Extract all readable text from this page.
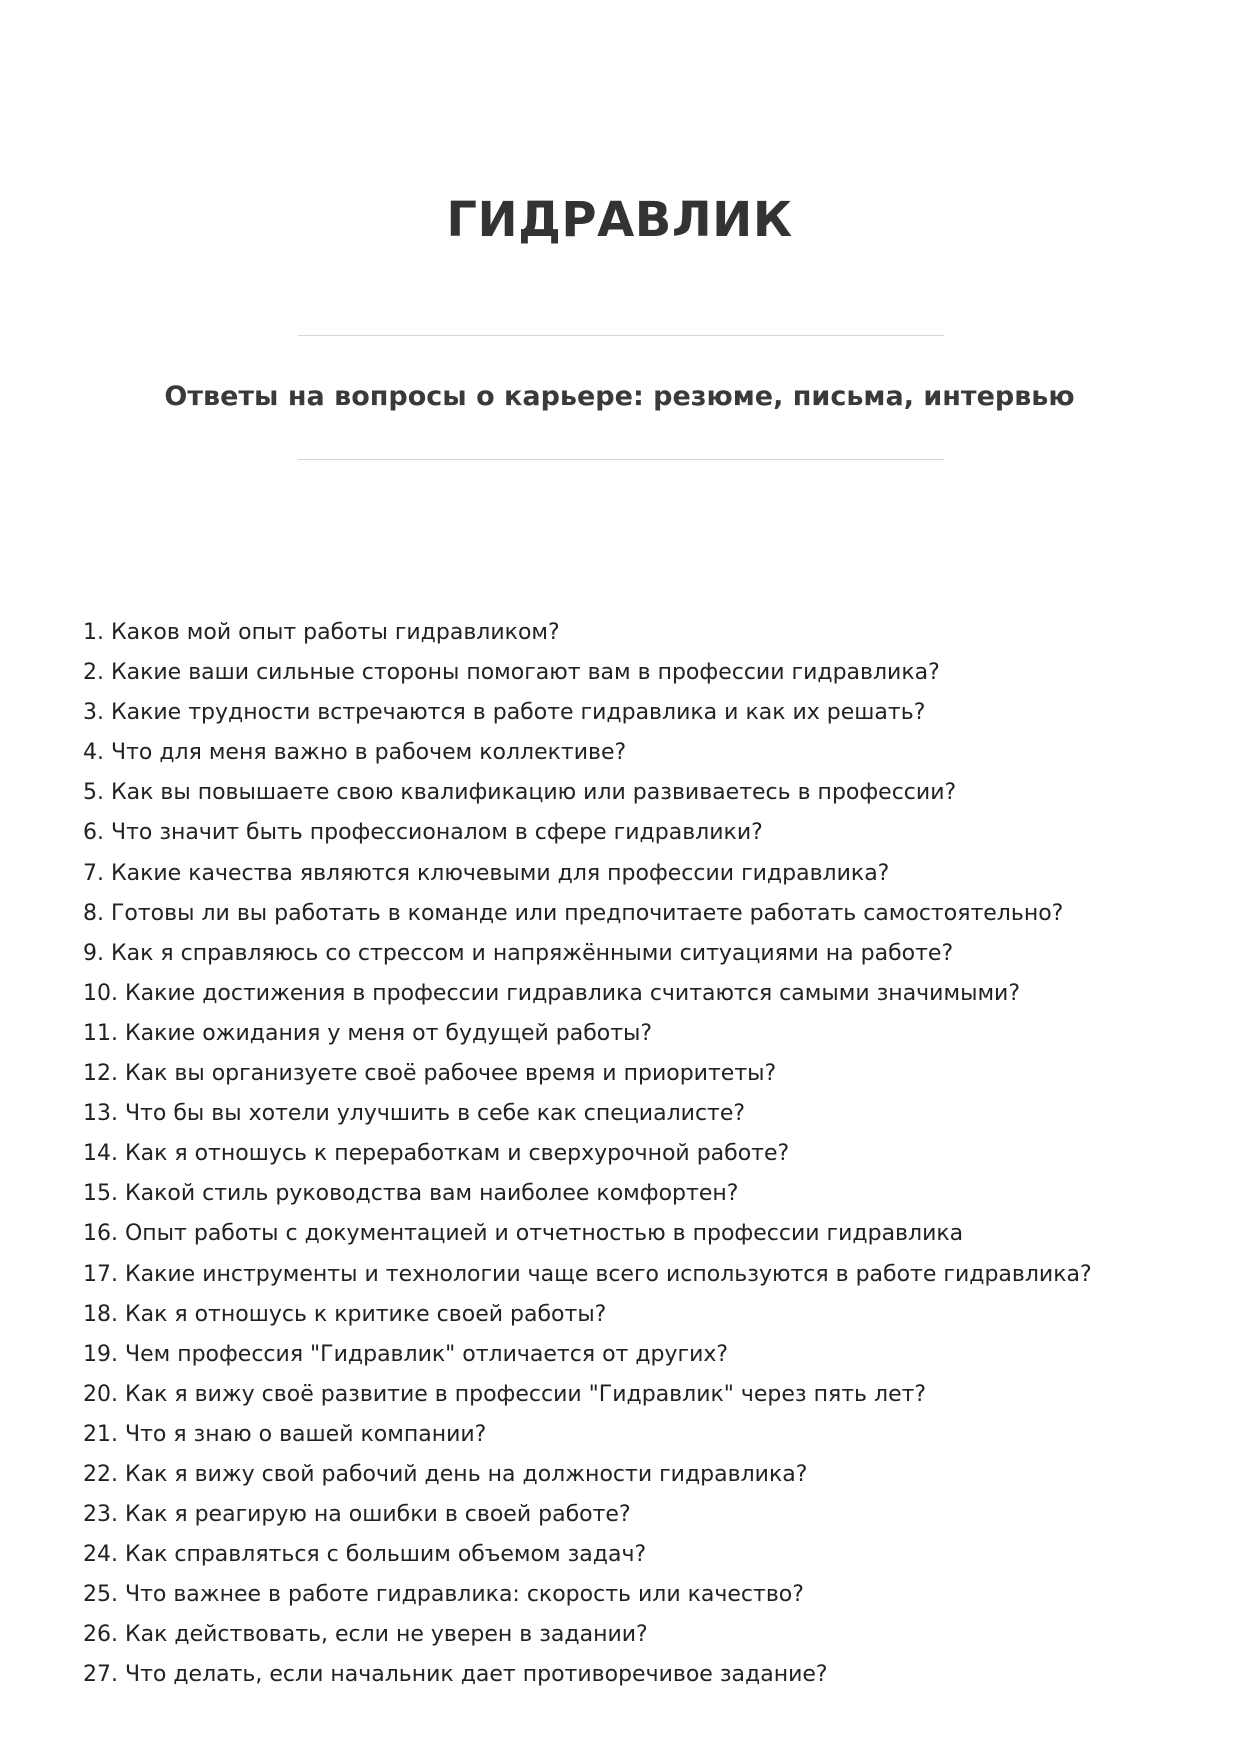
ГИДРАВЛИК
Ответы на вопросы о карьере: резюме, письма, интервью
1. Каков мой опыт работы гидравликом?
2. Какие ваши сильные стороны помогают вам в профессии гидравлика?
3. Какие трудности встречаются в работе гидравлика и как их решать?
4. Что для меня важно в рабочем коллективе?
5. Как вы повышаете свою квалификацию или развиваетесь в профессии?
6. Что значит быть профессионалом в сфере гидравлики?
7. Какие качества являются ключевыми для профессии гидравлика?
8. Готовы ли вы работать в команде или предпочитаете работать самостоятельно?
9. Как я справляюсь со стрессом и напряжёнными ситуациями на работе?
10. Какие достижения в профессии гидравлика считаются самыми значимыми?
11. Какие ожидания у меня от будущей работы?
12. Как вы организуете своё рабочее время и приоритеты?
13. Что бы вы хотели улучшить в себе как специалисте?
14. Как я отношусь к переработкам и сверхурочной работе?
15. Какой стиль руководства вам наиболее комфортен?
16. Опыт работы с документацией и отчетностью в профессии гидравлика
17. Какие инструменты и технологии чаще всего используются в работе гидравлика?
18. Как я отношусь к критике своей работы?
19. Чем профессия "Гидравлик" отличается от других?
20. Как я вижу своё развитие в профессии "Гидравлик" через пять лет?
21. Что я знаю о вашей компании?
22. Как я вижу свой рабочий день на должности гидравлика?
23. Как я реагирую на ошибки в своей работе?
24. Как справляться с большим объемом задач?
25. Что важнее в работе гидравлика: скорость или качество?
26. Как действовать, если не уверен в задании?
27. Что делать, если начальник дает противоречивое задание?
